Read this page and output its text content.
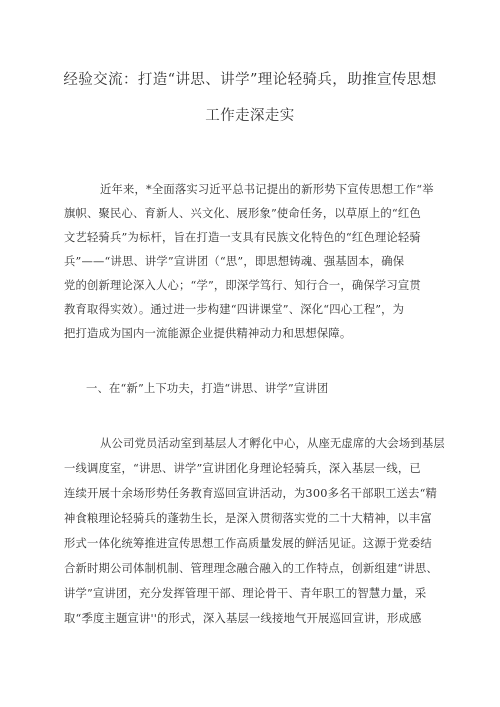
经验交流：打造“讲思、讲学”理论轻骑兵，助推宣传思想
工作走深走实
近年来，*全面落实习近平总书记提出的新形势下宣传思想工作“举
旗帜、聚民心、育新人、兴文化、展形象”使命任务，以草原上的“红色
文艺轻骑兵”为标杆，旨在打造一支具有民族文化特色的“红色理论轻骑
兵”——“讲思、讲学”宣讲团（“思”，即思想铸魂、强基固本，确保
党的创新理论深入人心；“学”，即深学笃行、知行合一，确保学习宣贯
教育取得实效）。通过进一步构建“四讲课堂”、深化“四心工程”，为
把打造成为国内一流能源企业提供精神动力和思想保障。
一、在“新”上下功夫，打造“讲思、讲学”宣讲团
从公司党员活动室到基层人才孵化中心，从座无虚席的大会场到基层
一线调度室，“讲思、讲学”宣讲团化身理论轻骑兵，深入基层一线，已
连续开展十余场形势任务教育巡回宣讲活动，为300多名干部职工送去“精
神食粮理论轻骑兵的蓬勃生长，是深入贯彻落实党的二十大精神，以丰富
形式一体化统筹推进宣传思想工作高质量发展的鲜活见证。这源于党委结
合新时期公司体制机制、管理理念融合融入的工作特点，创新组建“讲思、
讲学”宣讲团，充分发挥管理干部、理论骨干、青年职工的智慧力量，采
取“季度主题宣讲''的形式，深入基层一线接地气开展巡回宣讲，形成感
